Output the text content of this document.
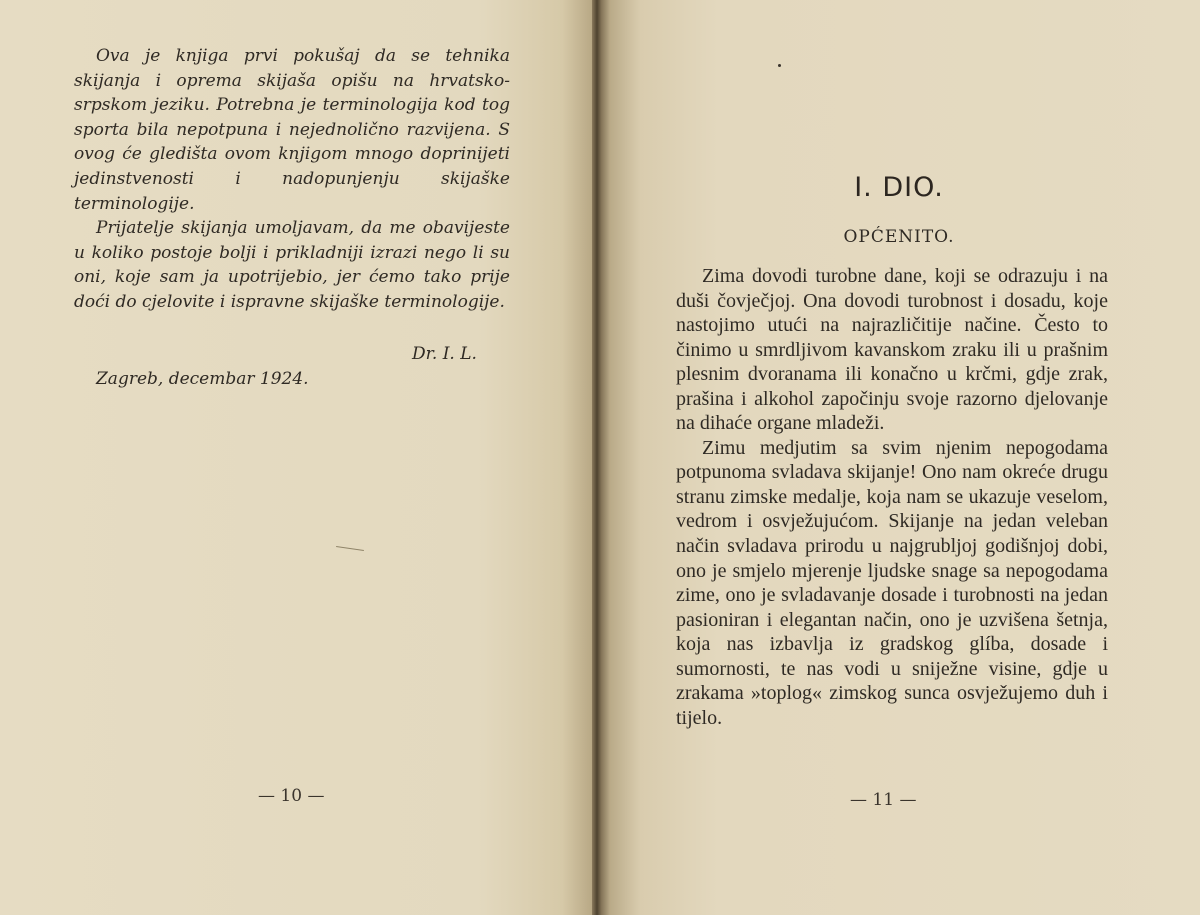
Ova je knjiga prvi pokušaj da se tehnika skijanja i oprema skijaša opišu na hrvatsko-srpskom jeziku. Potrebna je terminologija kod tog sporta bila nepotpuna i nejednolično razvijena. S ovog će gledišta ovom knjigom mnogo doprinijeti jedinstvenosti i nadopunjenju skijaške terminologije.

Prijatelje skijanja umoljavam, da me obavijeste u koliko postoje bolji i prikladniji izrazi nego li su oni, koje sam ja upotrijebio, jer ćemo tako prije doći do cjelovite i ispravne skijaške terminologije.

Dr. I. L.
Zagreb, decembar 1924.
— 10 —
I. DIO.
OPĆENITO.

Zima dovodi turobne dane, koji se odrazuju i na duši čovječjoj. Ona dovodi turobnost i dosadu, koje nastojimo utući na najrazličitije načine. Često to činimo u smrdljivom kavanskom zraku ili u prašnim plesnim dvoranama ili konačno u krčmi, gdje zrak, prašina i alkohol započinju svoje razorno djelovanje na dihaće organe mladeži.

Zimu medjutim sa svim njenim nepogodama potpunoma svladava skijanje! Ono nam okreće drugu stranu zimske medalje, koja nam se ukazuje veselom, vedrom i osvježujućom. Skijanje na jedan veleban način svladava prirodu u najgrubljoj godišnjoj dobi, ono je smjelo mjerenje ljudske snage sa nepogodama zime, ono je svladavanje dosade i turobnosti na jedan pasioniran i elegantan način, ono je uzvišena šetnja, koja nas izbavlja iz gradskog glíba, dosade i sumornosti, te nas vodi u snijеžne visine, gdje u zrakama »toplog« zimskog sunca osvježujemo duh i tijelo.

— 11 —
